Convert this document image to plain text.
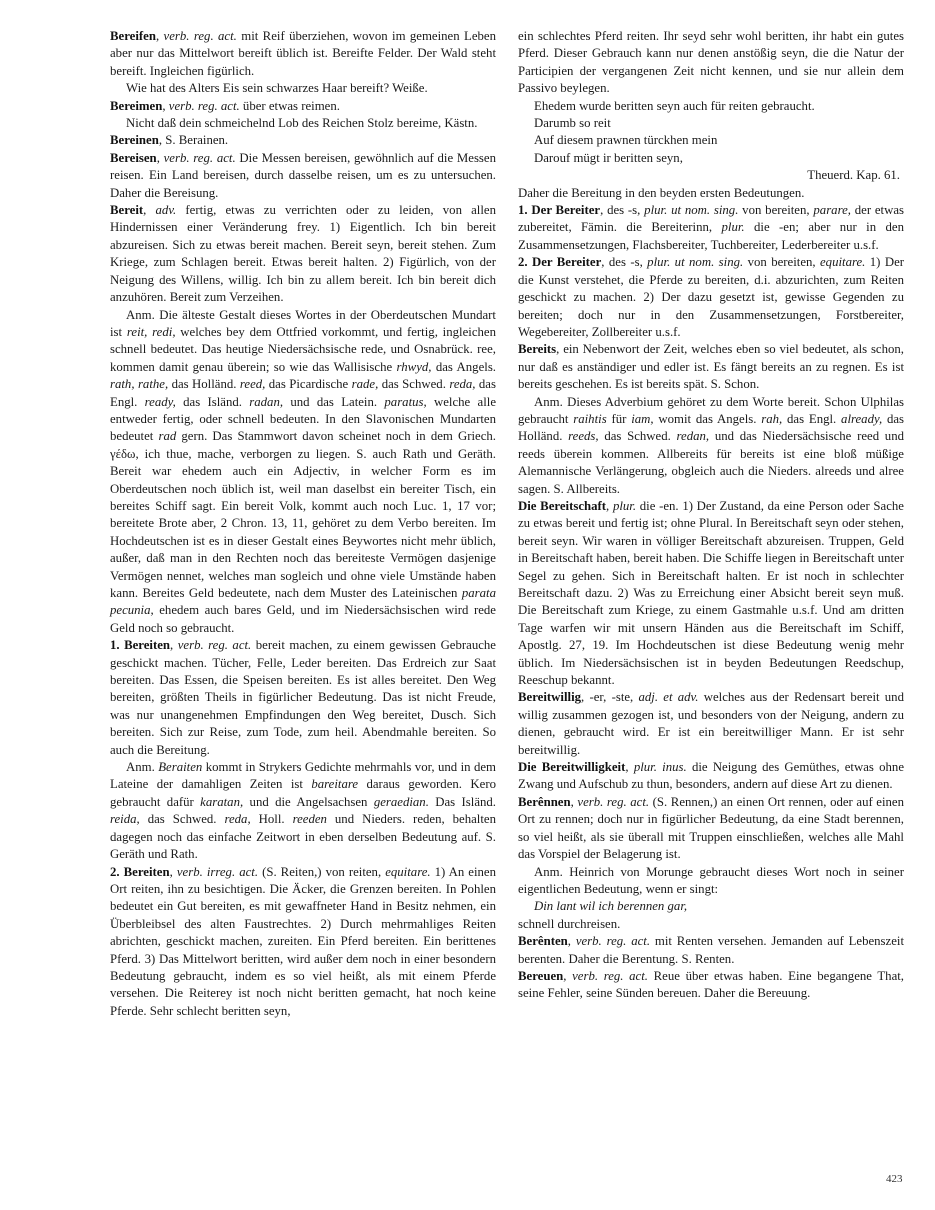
Bereifen, verb. reg. act. mit Reif überziehen, wovon im gemeinen Leben aber nur das Mittelwort bereift üblich ist. Bereifte Felder. Der Wald steht bereift. Ingleichen figürlich.

Wie hat des Alters Eis sein schwarzes Haar bereift? Weiße.

Bereimen, verb. reg. act. über etwas reimen.

Nicht daß dein schmeichelnd Lob des Reichen Stolz bereime, Kästn.

Bereinen, S. Berainen.

Bereisen, verb. reg. act. Die Messen bereisen, gewöhnlich auf die Messen reisen. Ein Land bereisen, durch dasselbe reisen, um es zu untersuchen. Daher die Bereisung.

Bereit, adv. fertig, etwas zu verrichten oder zu leiden, von allen Hindernissen einer Veränderung frey. 1) Eigentlich. Ich bin bereit abzureisen. Sich zu etwas bereit machen. Bereit seyn, bereit stehen. Zum Kriege, zum Schlagen bereit. Etwas bereit halten. 2) Figürlich, von der Neigung des Willens, willig. Ich bin zu allem bereit. Ich bin bereit dich anzuhören. Bereit zum Verzeihen.

Anm. Die älteste Gestalt dieses Wortes in der Oberdeutschen Mundart ist reit, redi, welches bey dem Ottfried vorkommt, und fertig, ingleichen schnell bedeutet. Das heutige Niedersächsische rede, und Osnabrück. ree, kommen damit genau überein; so wie das Wallisische rhwyd, das Angels. rath, rathe, das Holländ. reed, das Picardische rade, das Schwed. reda, das Engl. ready, das Isländ. radan, und das Latein. paratus, welche alle entweder fertig, oder schnell bedeuten. In den Slavonischen Mundarten bedeutet rad gern. Das Stammwort davon scheinet noch in dem Griech. γέδω, ich thue, mache, verborgen zu liegen. S. auch Rath und Geräth. Bereit war ehedem auch ein Adjectiv, in welcher Form es im Oberdeutschen noch üblich ist, weil man daselbst ein bereiter Tisch, ein bereites Schiff sagt. Ein bereit Volk, kommt auch noch Luc. 1, 17 vor; bereitete Brote aber, 2 Chron. 13, 11, gehöret zu dem Verbo bereiten. Im Hochdeutschen ist es in dieser Gestalt eines Beywortes nicht mehr üblich, außer, daß man in den Rechten noch das bereiteste Vermögen dasjenige Vermögen nennet, welches man sogleich und ohne viele Umstände haben kann. Bereites Geld bedeutete, nach dem Muster des Lateinischen parata pecunia, ehedem auch bares Geld, und im Niedersächsischen wird rede Geld noch so gebraucht.

1. Bereiten, verb. reg. act. bereit machen, zu einem gewissen Gebrauche geschickt machen. Tücher, Felle, Leder bereiten. Das Erdreich zur Saat bereiten. Das Essen, die Speisen bereiten. Es ist alles bereitet. Den Weg bereiten, größten Theils in figürlicher Bedeutung. Das ist nicht Freude, was nur unangenehmen Empfindungen den Weg bereitet, Dusch. Sich bereiten. Sich zur Reise, zum Tode, zum heil. Abendmahle bereiten. So auch die Bereitung.

Anm. Beraiten kommt in Strykers Gedichte mehrmahls vor, und in dem Lateine der damahligen Zeiten ist bareitare daraus geworden. Kero gebraucht dafür karatan, und die Angelsachsen geraedian. Das Isländ. reida, das Schwed. reda, Holl. reeden und Nieders. reden, behalten dagegen noch das einfache Zeitwort in eben derselben Bedeutung auf. S. Geräth und Rath.

2. Bereiten, verb. irreg. act. (S. Reiten,) von reiten, equitare. 1) An einen Ort reiten, ihn zu besichtigen. Die Äcker, die Grenzen bereiten. In Pohlen bedeutet ein Gut bereiten, es mit gewaffneter Hand in Besitz nehmen, ein Überbleibsel des alten Faustrechtes. 2) Durch mehrmahliges Reiten abrichten, geschickt machen, zureiten. Ein Pferd bereiten. Ein berittenes Pferd. 3) Das Mittelwort beritten, wird außer dem noch in einer besondern Bedeutung gebraucht, indem es so viel heißt, als mit einem Pferde versehen. Die Reiterey ist noch nicht beritten gemacht, hat noch keine Pferde. Sehr schlecht beritten seyn,

ein schlechtes Pferd reiten. Ihr seyd sehr wohl beritten, ihr habt ein gutes Pferd. Dieser Gebrauch kann nur denen anstößig seyn, die die Natur der Participien der vergangenen Zeit nicht kennen, und sie nur allein dem Passivo beylegen.

Ehedem wurde beritten seyn auch für reiten gebraucht.

Darumb so reit

Auf diesem prawnen türckhen mein

Darouf mügt ir beritten seyn,

Theuerd. Kap. 61.

Daher die Bereitung in den beyden ersten Bedeutungen.

1. Der Bereiter, des -s, plur. ut nom. sing. von bereiten, parare, der etwas zubereitet, Fämin. die Bereiterinn, plur. die -en; aber nur in den Zusammensetzungen, Flachsbereiter, Tuchbereiter, Lederbereiter u.s.f.

2. Der Bereiter, des -s, plur. ut nom. sing. von bereiten, equitare. 1) Der die Kunst verstehet, die Pferde zu bereiten, d.i. abzurichten, zum Reiten geschickt zu machen. 2) Der dazu gesetzt ist, gewisse Gegenden zu bereiten; doch nur in den Zusammensetzungen, Forstbereiter, Wegebereiter, Zollbereiter u.s.f.

Bereits, ein Nebenwort der Zeit, welches eben so viel bedeutet, als schon, nur daß es anständiger und edler ist. Es fängt bereits an zu regnen. Es ist bereits geschehen. Es ist bereits spät. S. Schon.

Anm. Dieses Adverbium gehöret zu dem Worte bereit. Schon Ulphilas gebraucht raihtis für iam, womit das Angels. rah, das Engl. already, das Holländ. reeds, das Schwed. redan, und das Niedersächsische reed und reeds überein kommen. Allbereits für bereits ist eine bloß müßige Alemannische Verlängerung, obgleich auch die Nieders. alreeds und alree sagen. S. Allbereits.

Die Bereitschaft, plur. die -en. 1) Der Zustand, da eine Person oder Sache zu etwas bereit und fertig ist; ohne Plural. In Bereitschaft seyn oder stehen, bereit seyn. Wir waren in völliger Bereitschaft abzureisen. Truppen, Geld in Bereitschaft haben, bereit haben. Die Schiffe liegen in Bereitschaft unter Segel zu gehen. Sich in Bereitschaft halten. Er ist noch in schlechter Bereitschaft dazu. 2) Was zu Erreichung einer Absicht bereit seyn muß. Die Bereitschaft zum Kriege, zu einem Gastmahle u.s.f. Und am dritten Tage warfen wir mit unsern Händen aus die Bereitschaft im Schiff, Apostlg. 27, 19. Im Hochdeutschen ist diese Bedeutung wenig mehr üblich. Im Niedersächsischen ist in beyden Bedeutungen Reedschup, Reeschup bekannt.

Bereitwillig, -er, -ste, adj. et adv. welches aus der Redensart bereit und willig zusammen gezogen ist, und besonders von der Neigung, andern zu dienen, gebraucht wird. Er ist ein bereitwilliger Mann. Er ist sehr bereitwillig.

Die Bereitwilligkeit, plur. inus. die Neigung des Gemüthes, etwas ohne Zwang und Aufschub zu thun, besonders, andern auf diese Art zu dienen.

Berênnen, verb. reg. act. (S. Rennen,) an einen Ort rennen, oder auf einen Ort zu rennen; doch nur in figürlicher Bedeutung, da eine Stadt berennen, so viel heißt, als sie überall mit Truppen einschließen, welches alle Mahl das Vorspiel der Belagerung ist.

Anm. Heinrich von Morunge gebraucht dieses Wort noch in seiner eigentlichen Bedeutung, wenn er singt:

Din lant wil ich berennen gar,

schnell durchreisen.

Berênten, verb. reg. act. mit Renten versehen. Jemanden auf Lebenszeit berenten. Daher die Berentung. S. Renten.

Bereuen, verb. reg. act. Reue über etwas haben. Eine begangene That, seine Fehler, seine Sünden bereuen. Daher die Bereuung.

423
